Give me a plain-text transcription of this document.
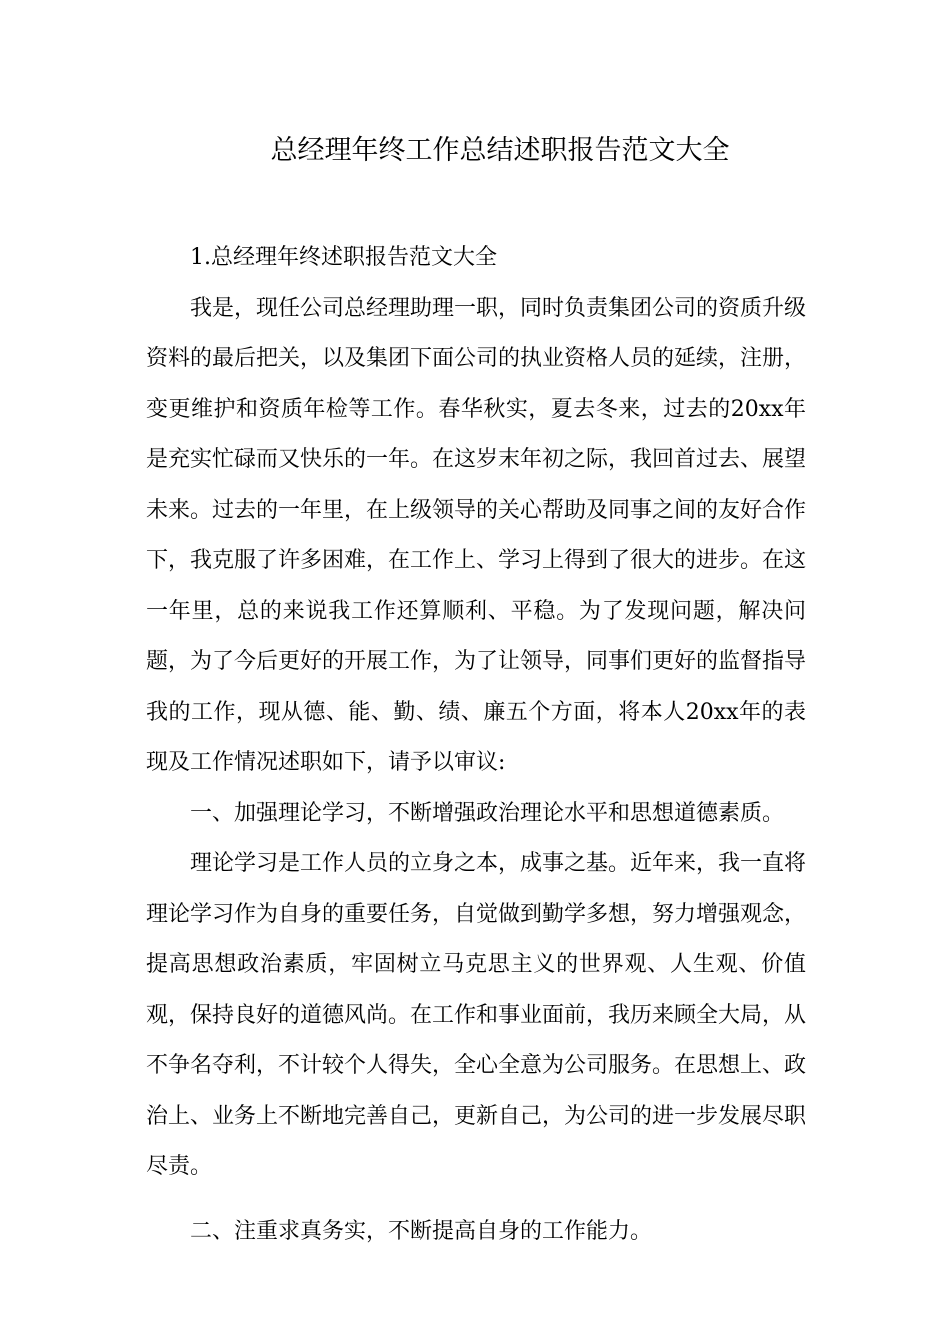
总经理年终工作总结述职报告范文大全

1.总经理年终述职报告范文大全

我是，现任公司总经理助理一职，同时负责集团公司的资质升级资料的最后把关，以及集团下面公司的执业资格人员的延续，注册，变更维护和资质年检等工作。春华秋实，夏去冬来，过去的20xx年是充实忙碌而又快乐的一年。在这岁末年初之际，我回首过去、展望未来。过去的一年里，在上级领导的关心帮助及同事之间的友好合作下，我克服了许多困难，在工作上、学习上得到了很大的进步。在这一年里，总的来说我工作还算顺利、平稳。为了发现问题，解决问题，为了今后更好的开展工作，为了让领导，同事们更好的监督指导我的工作，现从德、能、勤、绩、廉五个方面，将本人20xx年的表现及工作情况述职如下，请予以审议:

一、加强理论学习，不断增强政治理论水平和思想道德素质。

理论学习是工作人员的立身之本，成事之基。近年来，我一直将理论学习作为自身的重要任务，自觉做到勤学多想，努力增强观念，提高思想政治素质，牢固树立马克思主义的世界观、人生观、价值观，保持良好的道德风尚。在工作和事业面前，我历来顾全大局，从不争名夺利，不计较个人得失，全心全意为公司服务。在思想上、政治上、业务上不断地完善自己，更新自己，为公司的进一步发展尽职尽责。

二、注重求真务实，不断提高自身的工作能力。
